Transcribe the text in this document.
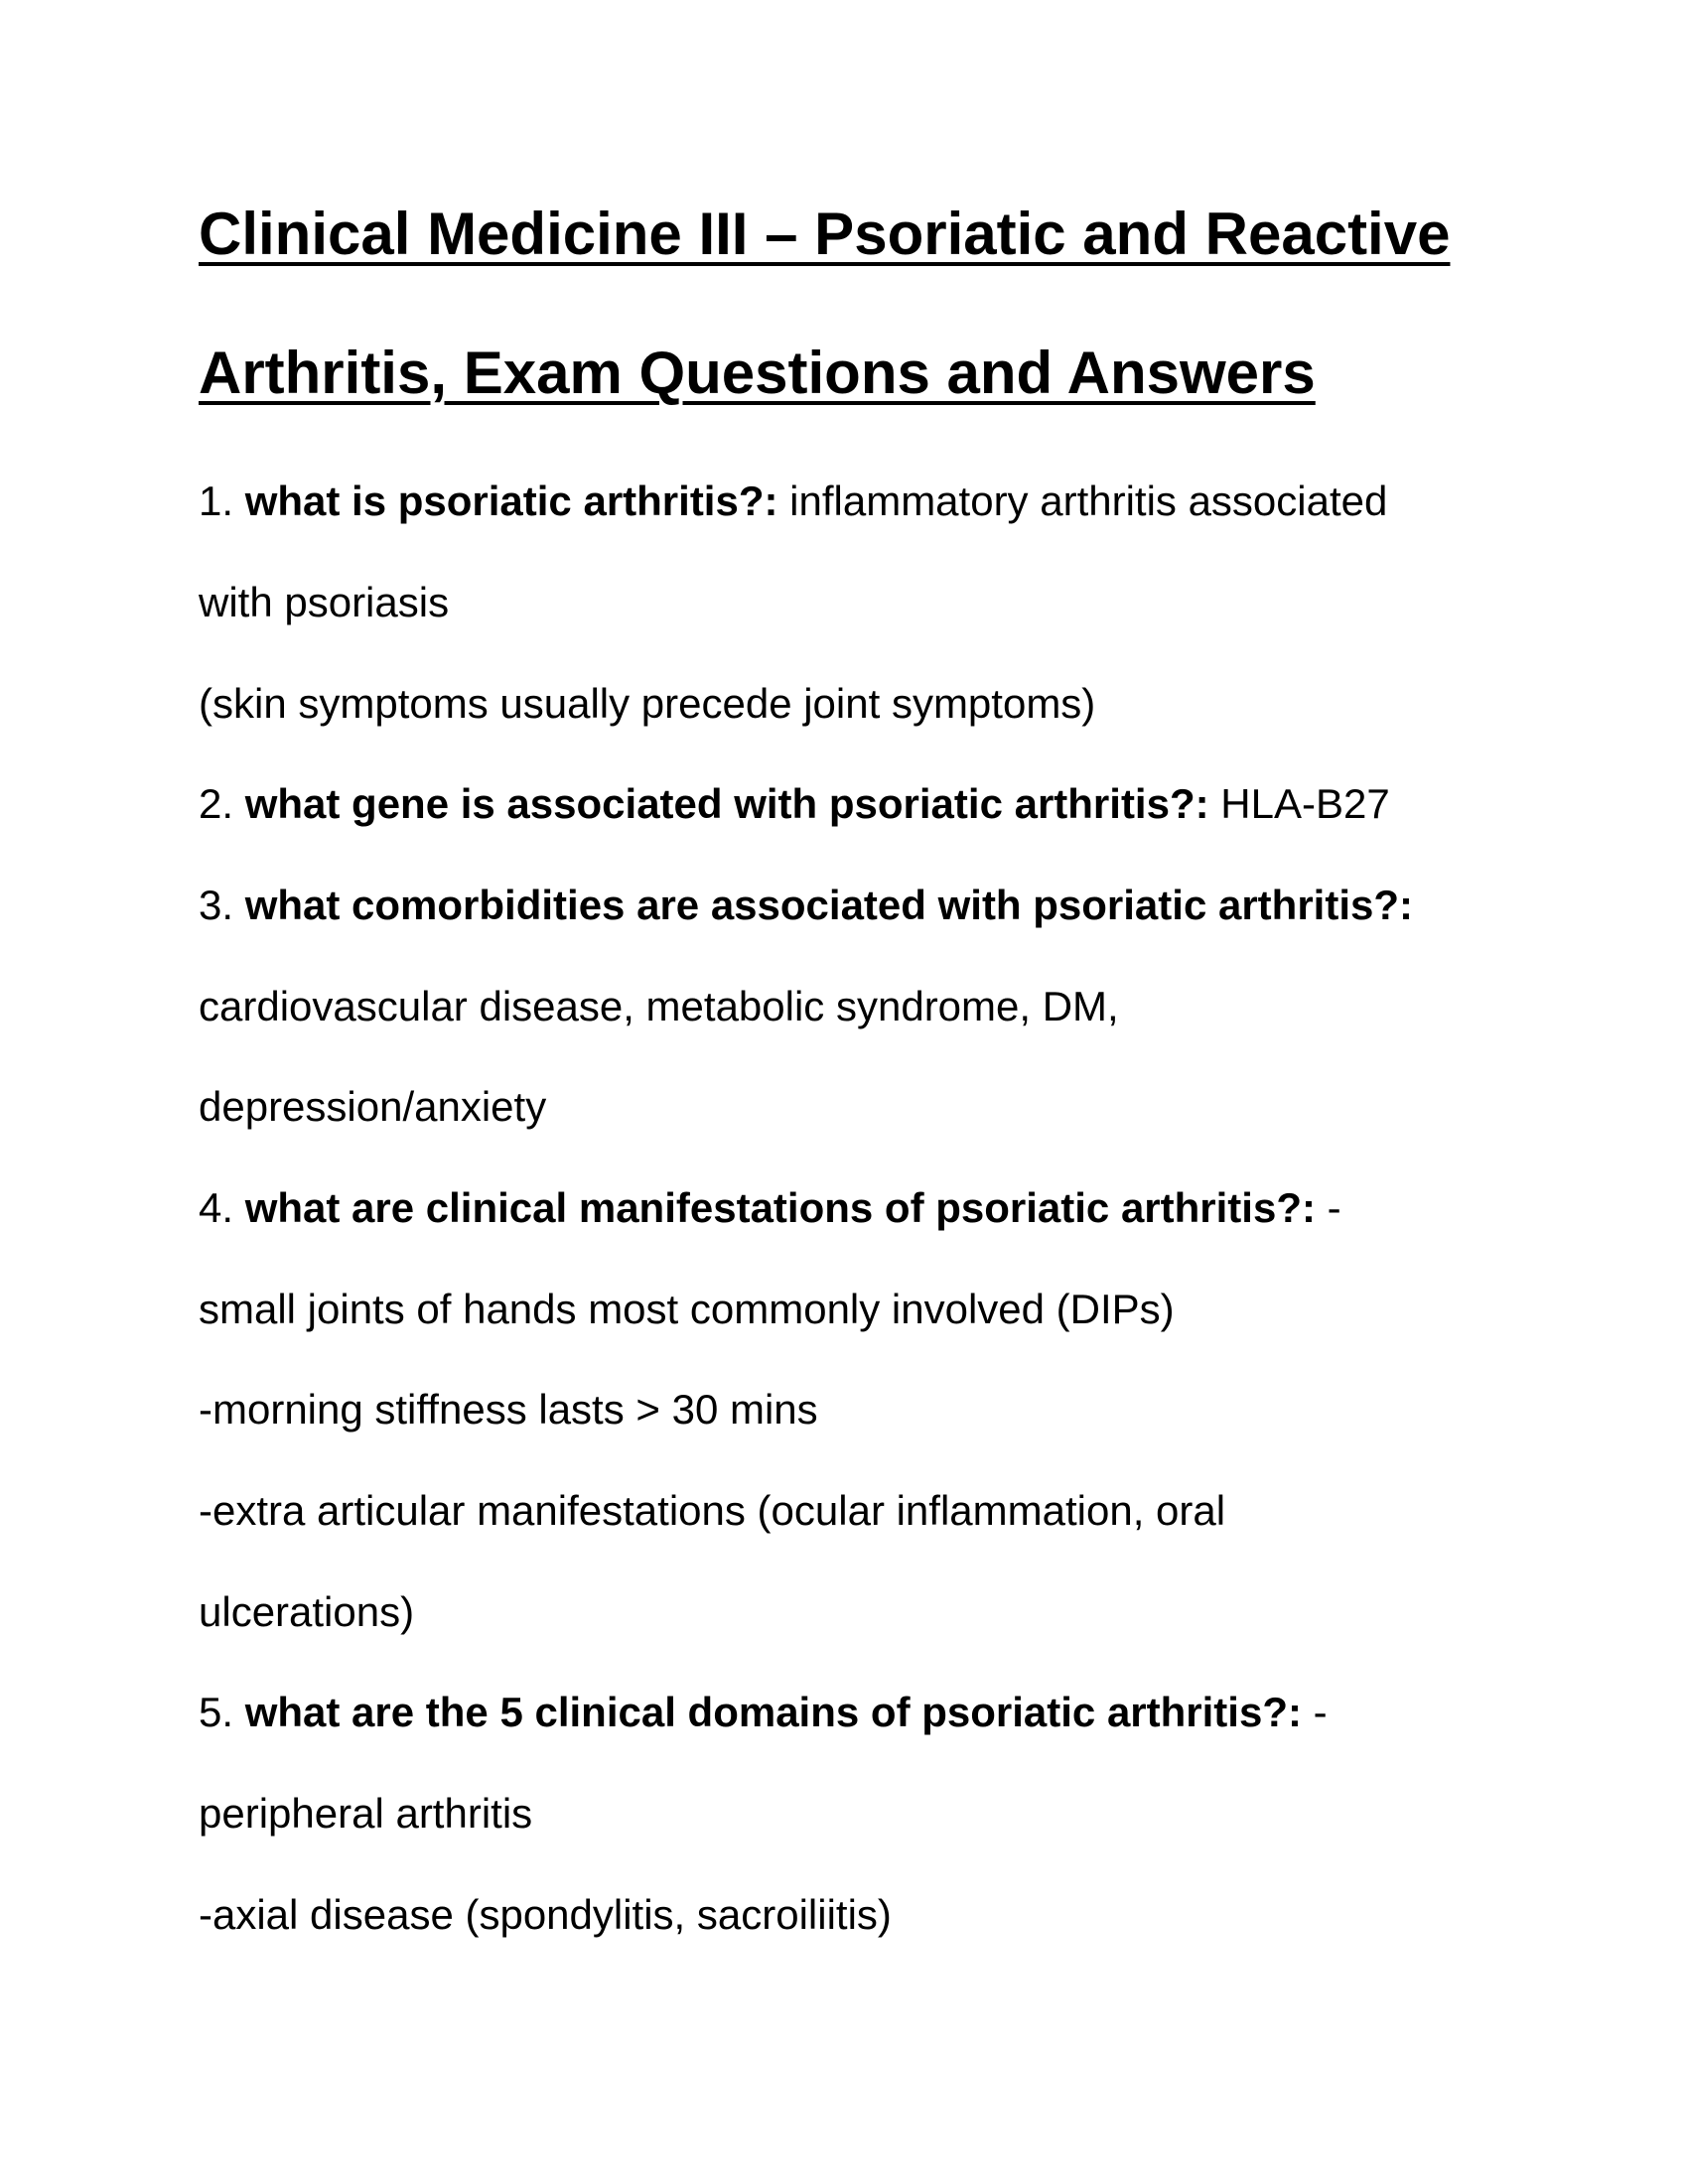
Clinical Medicine III – Psoriatic and Reactive
Arthritis, Exam Questions and Answers

1. what is psoriatic arthritis?: inflammatory arthritis associated

with psoriasis

(skin symptoms usually precede joint symptoms)

2. what gene is associated with psoriatic arthritis?: HLA-B27

3. what comorbidities are associated with psoriatic arthritis?:

cardiovascular disease, metabolic syndrome, DM,

depression/anxiety

4. what are clinical manifestations of psoriatic arthritis?: -

small joints of hands most commonly involved (DIPs)

-morning stiffness lasts > 30 mins

-extra articular manifestations (ocular inflammation, oral

ulcerations)

5. what are the 5 clinical domains of psoriatic arthritis?: -

peripheral arthritis

-axial disease (spondylitis, sacroiliitis)
